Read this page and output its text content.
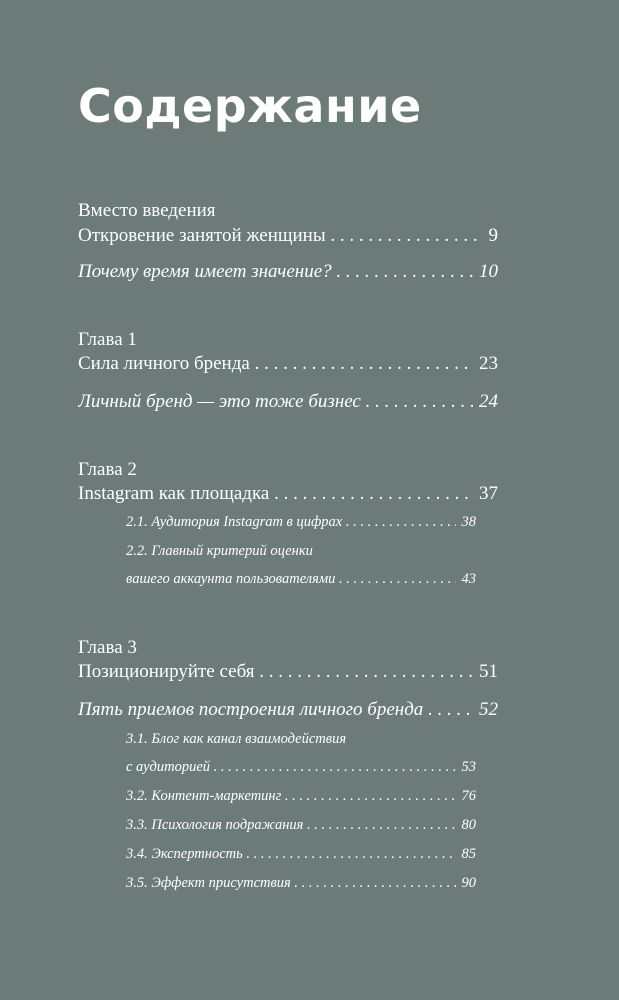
Содержание
Вместо введения
Откровение занятой женщины	9
. . .
Почему время имеет значение?	10
. . .
Глава 1
Сила личного бренда	23
. . .
Личный бренд — это тоже бизнес	24
. . .
Глава 2
Instagram как площадка	37
. . .
2.1. Аудитория Instagram в цифрах	38
. . .
2.2. Главный критерий оценки
вашего аккаунта пользователями	43
. . .
Глава 3
Позиционируйте себя	51
. . .
Пять приемов построения личного бренда	52
. . .
3.1. Блог как канал взаимодействия
с аудиторией	53
. . .
3.2. Контент-маркетинг	76
. . .
3.3. Психология подражания	80
. . .
3.4. Экспертность	85
. . .
3.5. Эффект присутствия	90
. . .
